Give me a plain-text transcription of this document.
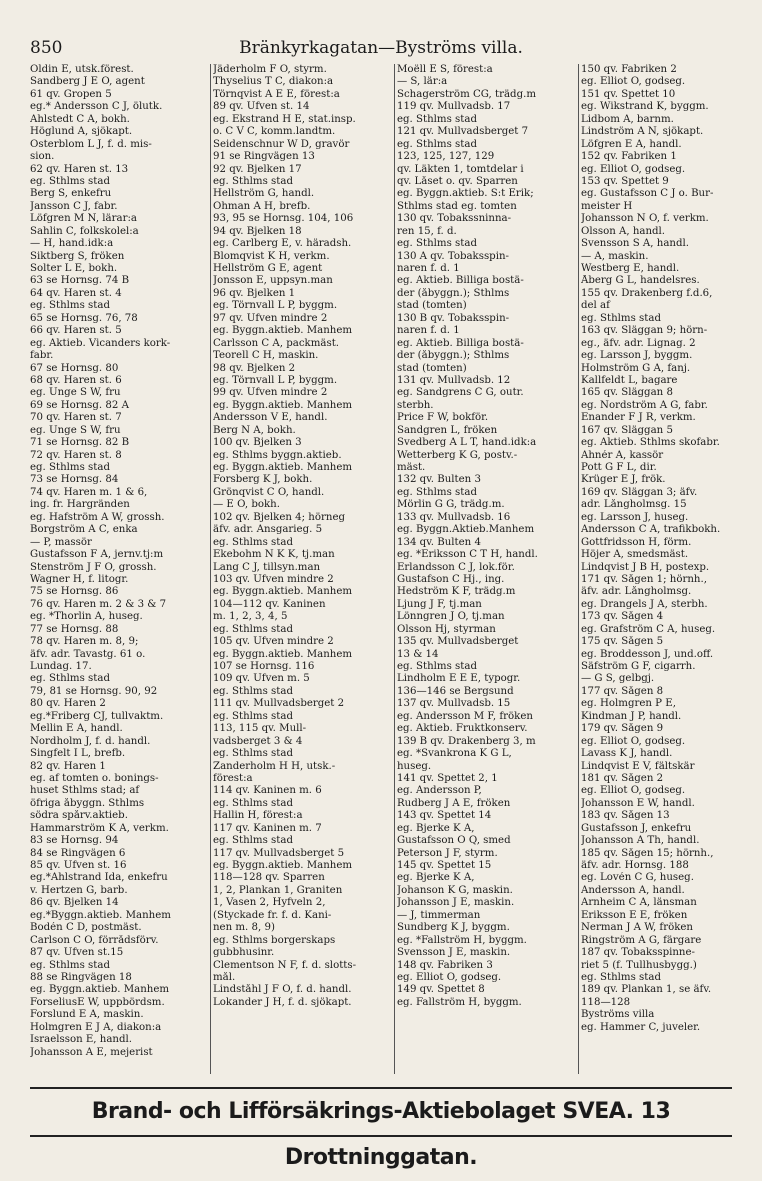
850	Bränkyrkagatan—Byströms villa.
Oldin E, utsk.förest.
Sandberg J E O, agent
61 qv. Gropen 5
eg.* Andersson C J, ölutk.
Ahlstedt C A, bokh.
Höglund A, sjökapt.
Österblom L J, f. d. mis-
sion.
62 qv. Haren st. 13
eg. Sthlms stad
Berg S, enkefru
Jansson C J, fabr.
Löfgren M N, lärar:a
Sahlin C, folkskolel:a
— H, hand.idk:a
Siktberg S, fröken
Solter L E, bokh.
63 se Hornsg. 74 B
64 qv. Haren st. 4
eg. Sthlms stad
65 se Hornsg. 76, 78
66 qv. Haren st. 5
eg. Aktieb. Vicanders kork-
fabr.
67 se Hornsg. 80
68 qv. Haren st. 6
eg. Unge S W, fru
69 se Hornsg. 82 A
70 qv. Haren st. 7
eg. Unge S W, fru
71 se Hornsg. 82 B
72 qv. Haren st. 8
eg. Sthlms stad
73 se Hornsg. 84
74 qv. Haren m. 1 & 6,
ing. fr. Hargränden
eg. Hafström A W, grossh.
Borgström A C, enka
— P, massör
Gustafsson F A, jernv.tj:m
Stenström J F O, grossh.
Wagner H, f. litogr.
75 se Hornsg. 86
76 qv. Haren m. 2 & 3 & 7
eg. *Thorlin A, huseg.
77 se Hornsg. 88
78 qv. Haren m. 8, 9;
äfv. adr. Tavastg. 61 o.
Lundag. 17.
eg. Sthlms stad
79, 81 se Hornsg. 90, 92
80 qv. Haren 2
eg.*Friberg CJ, tullvaktm.
Mellin E A, handl.
Nordholm J, f. d. handl.
Singfelt I L, brefb.
82 qv. Haren 1
eg. af tomten o. bonings-
huset Sthlms stad; af
öfriga åbyggn. Sthlms
södra spårv.aktieb.
Hammarström K A, verkm.
83 se Hornsg. 94
84 se Ringvägen 6
85 qv. Ufven st. 16
eg.*Ahlstrand Ida, enkefru
v. Hertzen G, barb.
86 qv. Bjelken 14
eg.*Byggn.aktieb. Manhem
Bodén C D, postmäst.
Carlson C O, förrådsförv.
87 qv. Ufven st.15
eg. Sthlms stad
88 se Ringvägen 18
eg. Byggn.aktieb. Manhem
ForseliusE W, uppbördsm.
Forslund E A, maskin.
Holmgren E J A, diakon:a
Israelsson E, handl.
Johansson A E, mejerist
Jäderholm F O, styrm.
Thyselius T C, diakon:a
Törnqvist A E E, förest:a
89 qv. Ufven st. 14
eg. Ekstrand H E, stat.insp.
o. C V C, komm.landtm.
Seidenschnur W D, gravör
91 se Ringvägen 13
92 qv. Bjelken 17
eg. Sthlms stad
Hellström G, handl.
Öhman A H, brefb.
93, 95 se Hornsg. 104, 106
94 qv. Bjelken 18
eg. Carlberg E, v. häradsh.
Blomqvist K H, verkm.
Hellström G E, agent
Jonsson E, uppsyn.man
96 qv. Bjelken 1
eg. Törnvall L P, byggm.
97 qv. Ufven mindre 2
eg. Byggn.aktieb. Manhem
Carlsson C A, packmäst.
Teorell C H, maskin.
98 qv. Bjelken 2
eg. Törnvall L P, byggm.
99 qv. Ufven mindre 2
eg. Byggn.aktieb. Manhem
Andersson V E, handl.
Berg N A, bokh.
100 qv. Bjelken 3
eg. Sthlms byggn.aktieb.
eg. Byggn.aktieb. Manhem
Forsberg K J, bokh.
Grönqvist C O, handl.
— E O, bokh.
102 qv. Bjelken 4; hörneg
äfv. adr. Ansgarieg. 5
eg. Sthlms stad
Ekebohm N K K, tj.man
Lang C J, tillsyn.man
103 qv. Ufven mindre 2
eg. Byggn.aktieb. Manhem
104—112 qv. Kaninen
m. 1, 2, 3, 4, 5
eg. Sthlms stad
105 qv. Ufven mindre 2
eg. Byggn.aktieb. Manhem
107 se Hornsg. 116
109 qv. Ufven m. 5
eg. Sthlms stad
111 qv. Mullvadsberget 2
eg. Sthlms stad
113, 115 qv. Mull-
vadsberget 3 & 4
eg. Sthlms stad
Zanderholm H H, utsk.-
förest:a
114 qv. Kaninen m. 6
eg. Sthlms stad
Hallin H, förest:a
117 qv. Kaninen m. 7
eg. Sthlms stad
117 qv. Mullvadsberget 5
eg. Byggn.aktieb. Manhem
118—128 qv. Sparren
1, 2, Plankan 1, Graniten
1, Vasen 2, Hyfveln 2,
(Styckade fr. f. d. Kani-
nen m. 8, 9)
eg. Sthlms borgerskaps
gubbhusinr.
Clementson N F, f. d. slotts-
mål.
Lindståhl J F O, f. d. handl.
Lokander J H, f. d. sjökapt.
Moëll E S, förest:a
— S, lär:a
Schagerström CG, trädg.m
119 qv. Mullvadsb. 17
eg. Sthlms stad
121 qv. Mullvadsberget 7
eg. Sthlms stad
123, 125, 127, 129
qv. Läkten 1, tomtdelar i
qv. Låset o. qv. Sparren
eg. Byggn.aktieb. S:t Erik;
Sthlms stad eg. tomten
130 qv. Tobakssninna-
ren 15, f. d.
eg. Sthlms stad
130 A qv. Tobaksspin-
naren f. d. 1
eg. Aktieb. Billiga bostä-
der (åbyggn.); Sthlms
stad (tomten)
130 B qv. Tobaksspin-
naren f. d. 1
eg. Aktieb. Billiga bostä-
der (åbyggn.); Sthlms
stad (tomten)
131 qv. Mullvadsb. 12
eg. Sandgrens C G, outr.
sterbh.
Price F W, bokför.
Sandgren L, fröken
Svedberg A L T, hand.idk:a
Wetterberg K G, postv.-
mäst.
132 qv. Bulten 3
eg. Sthlms stad
Mörlin G G, trädg.m.
133 qv. Mullvadsb. 16
eg. Byggn.Aktieb.Manhem
134 qv. Bulten 4
eg. *Eriksson C T H, handl.
Erlandsson C J, lok.för.
Gustafson C Hj., ing.
Hedström K F, trädg.m
Ljung J F, tj.man
Lönngren J O, tj.man
Olsson Hj, styrman
135 qv. Mullvadsberget
13 & 14
eg. Sthlms stad
Lindholm E E E, typogr.
136—146 se Bergsund
137 qv. Mullvadsb. 15
eg. Andersson M F, fröken
eg. Aktieb. Fruktkonserv.
139 B qv. Drakenberg 3, m
eg. *Svankrona K G L,
huseg.
141 qv. Spettet 2, 1
eg. Andersson P,
Rudberg J A E, fröken
143 qv. Spettet 14
eg. Bjerke K A,
Gustafsson O Q, smed
Peterson J F, styrm.
145 qv. Spettet 15
eg. Bjerke K A,
Johanson K G, maskin.
Johansson J E, maskin.
— J, timmerman
Sundberg K J, byggm.
eg. *Fallström H, byggm.
Svensson J E, maskin.
148 qv. Fabriken 3
eg. Elliot O, godseg.
149 qv. Spettet 8
eg. Fallström H, byggm.
150 qv. Fabriken 2
eg. Elliot O, godseg.
151 qv. Spettet 10
eg. Wikstrand K, byggm.
Lidbom A, barnm.
Lindström A N, sjökapt.
Löfgren E A, handl.
152 qv. Fabriken 1
eg. Elliot O, godseg.
153 qv. Spettet 9
eg. Gustafsson C J o. Bur-
meister H
Johansson N O, f. verkm.
Olsson A, handl.
Svensson S A, handl.
— A, maskin.
Westberg E, handl.
Åberg G L, handelsres.
155 qv. Drakenberg f.d.6,
del af
eg. Sthlms stad
163 qv. Släggan 9; hörn-
eg., äfv. adr. Lignag. 2
eg. Larsson J, byggm.
Holmström G A, fanj.
Kallfeldt L, bagare
165 qv. Släggan 8
eg. Nordström A G, fabr.
Enander F J R, verkm.
167 qv. Släggan 5
eg. Aktieb. Sthlms skofabr.
Ahnér A, kassör
Pott G F L, dir.
Krüger E J, frök.
169 qv. Släggan 3; äfv.
adr. Långholmsg. 15
eg. Larsson J, huseg.
Andersson C A, trafikbokh.
Gottfridsson H, förm.
Höjer A, smedsmäst.
Lindqvist J B H, postexp.
171 qv. Sågen 1; hörnh.,
äfv. adr. Långholmsg.
eg. Drangels J A, sterbh.
173 qv. Sågen 4
eg. Grafström C A, huseg.
175 qv. Sågen 5
eg. Broddesson J, und.off.
Säfström G F, cigarrh.
— G S, gelbgj.
177 qv. Sågen 8
eg. Holmgren P E,
Kindman J P, handl.
179 qv. Sågen 9
eg. Elliot O, godseg.
Lavass K J, handl.
Lindqvist E V, fältskär
181 qv. Sågen 2
eg. Elliot O, godseg.
Johansson E W, handl.
183 qv. Sågen 13
Gustafsson J, enkefru
Johansson A Th, handl.
185 qv. Sågen 15; hörnh.,
äfv. adr. Hornsg. 188
eg. Lovén C G, huseg.
Andersson A, handl.
Arnheim C A, länsman
Eriksson E E, fröken
Nerman J A W, fröken
Ringström A G, färgare
187 qv. Tobaksspinne-
riet 5 (f. Tullhusbygg.)
eg. Sthlms stad
189 qv. Plankan 1, se äfv.
118—128
Byströms villa
eg. Hammer C, juveler.
Brand- och Lifförsäkrings-Aktiebolaget SVEA. 13 Drottninggatan.
